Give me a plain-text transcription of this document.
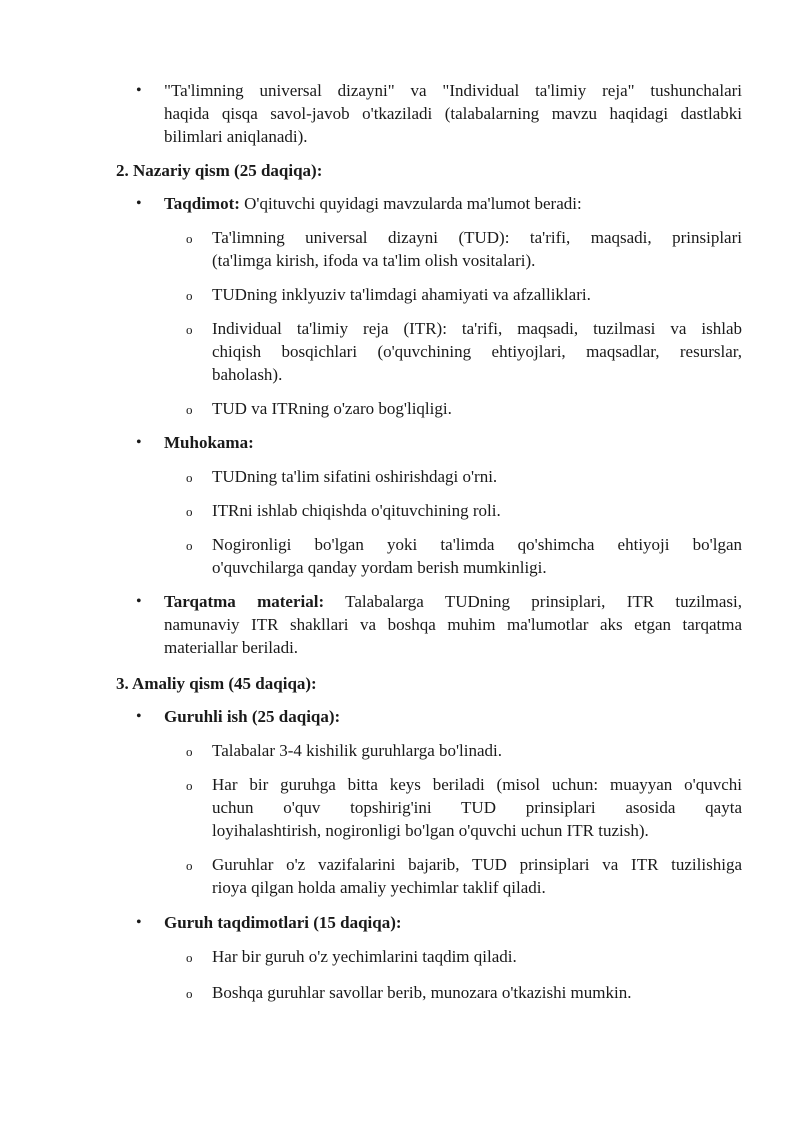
• "Ta'limning universal dizayni" va "Individual ta'limiy reja" tushunchalari
haqida qisqa savol-javob o'tkaziladi (talabalarning mavzu haqidagi dastlabki
bilimlari aniqlanadi).
2. Nazariy qism (25 daqiqa):
• Taqdimot: O'qituvchi quyidagi mavzularda ma'lumot beradi:
o Ta'limning universal dizayni (TUD): ta'rifi, maqsadi, prinsiplari
(ta'limga kirish, ifoda va ta'lim olish vositalari).
o TUDning inklyuziv ta'limdagi ahamiyati va afzalliklari.
o Individual ta'limiy reja (ITR): ta'rifi, maqsadi, tuzilmasi va ishlab
chiqish bosqichlari (o'quvchining ehtiyojlari, maqsadlar, resurslar,
baholash).
o TUD va ITRning o'zaro bog'liqligi.
• Muhokama:
o TUDning ta'lim sifatini oshirishdagi o'rni.
o ITRni ishlab chiqishda o'qituvchining roli.
o Nogironligi bo'lgan yoki ta'limda qo'shimcha ehtiyoji bo'lgan
o'quvchilarga qanday yordam berish mumkinligi.
• Tarqatma material: Talabalarga TUDning prinsiplari, ITR tuzilmasi,
namunaviy ITR shakllari va boshqa muhim ma'lumotlar aks etgan tarqatma
materiallar beriladi.
3. Amaliy qism (45 daqiqa):
• Guruhli ish (25 daqiqa):
o Talabalar 3-4 kishilik guruhlarga bo'linadi.
o Har bir guruhga bitta keys beriladi (misol uchun: muayyan o'quvchi
uchun o'quv topshirig'ini TUD prinsiplari asosida qayta
loyihalashtirish, nogironligi bo'lgan o'quvchi uchun ITR tuzish).
o Guruhlar o'z vazifalarini bajarib, TUD prinsiplari va ITR tuzilishiga
rioya qilgan holda amaliy yechimlar taklif qiladi.
• Guruh taqdimotlari (15 daqiqa):
o Har bir guruh o'z yechimlarini taqdim qiladi.
o Boshqa guruhlar savollar berib, munozara o'tkazishi mumkin.
